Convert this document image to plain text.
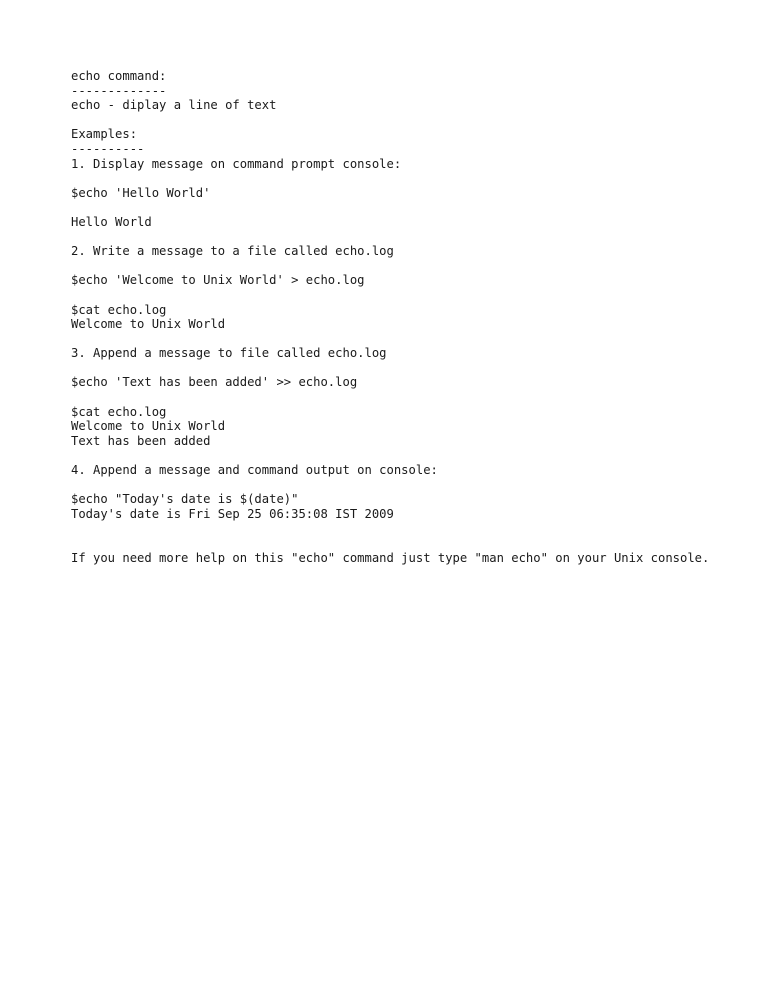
echo command:
-------------
echo - diplay a line of text
Examples:
----------
1. Display message on command prompt console:
$echo 'Hello World'
Hello World
2. Write a message to a file called echo.log
$echo 'Welcome to Unix World' > echo.log
$cat echo.log
Welcome to Unix World
3. Append a message to file called echo.log
$echo 'Text has been added' >> echo.log
$cat echo.log
Welcome to Unix World
Text has been added
4. Append a message and command output on console:
$echo "Today's date is $(date)"
Today's date is Fri Sep 25 06:35:08 IST 2009
If you need more help on this "echo" command just type "man echo" on your Unix console.
